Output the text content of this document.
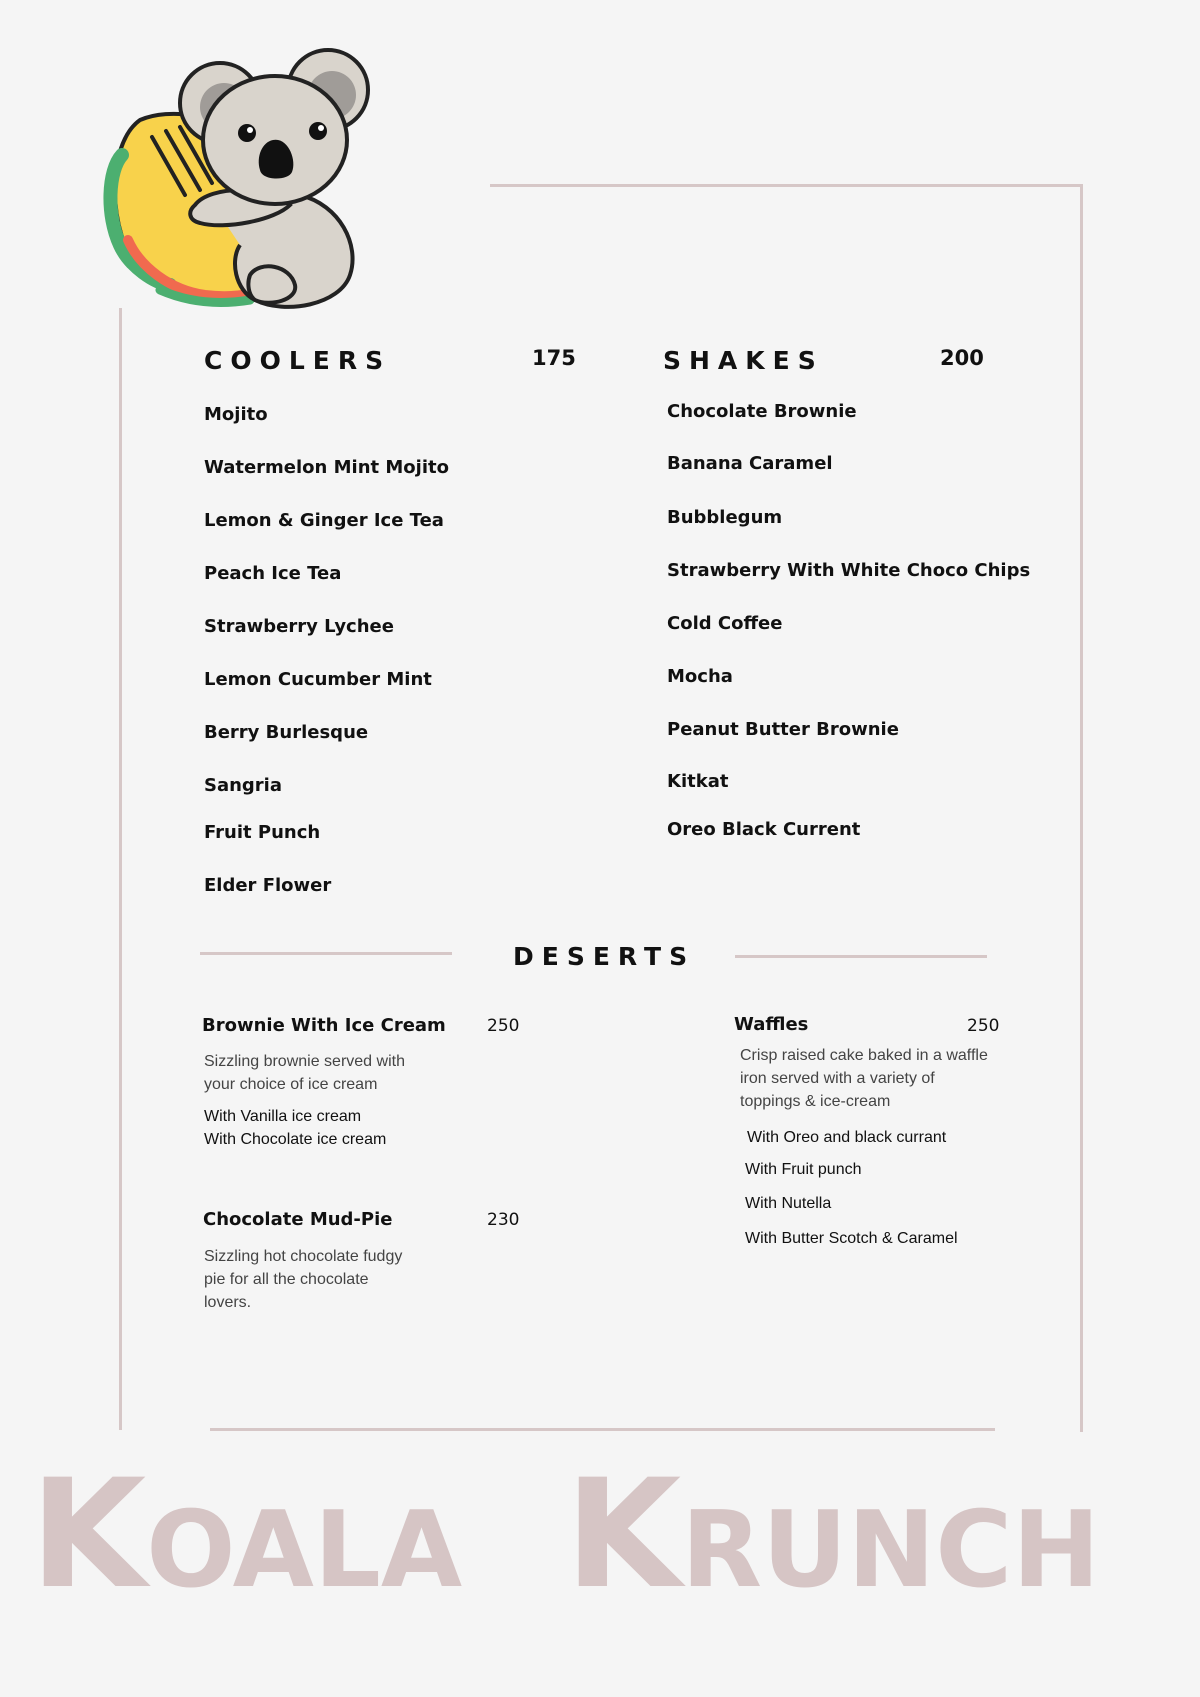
COOLERS	175
Mojito
Watermelon Mint Mojito
Lemon & Ginger Ice Tea
Peach Ice Tea
Strawberry Lychee
Lemon Cucumber Mint
Berry Burlesque
Sangria
Fruit Punch
Elder Flower
SHAKES	200
Chocolate Brownie
Banana Caramel
Bubblegum
Strawberry With White Choco Chips
Cold Coffee
Mocha
Peanut Butter Brownie
Kitkat
Oreo Black Current
DESERTS
Brownie With Ice Cream 250
Sizzling brownie served with
your choice of ice cream
With Vanilla ice cream
With Chocolate ice cream
Chocolate Mud-Pie	230
Sizzling hot chocolate fudgy
pie for all the chocolate
lovers.
Waffles	250
Crisp raised cake baked in a waffle
iron served with a variety of
toppings & ice-cream
With Oreo and black currant
With Fruit punch
With Nutella
With Butter Scotch & Caramel
Koala Krunch
